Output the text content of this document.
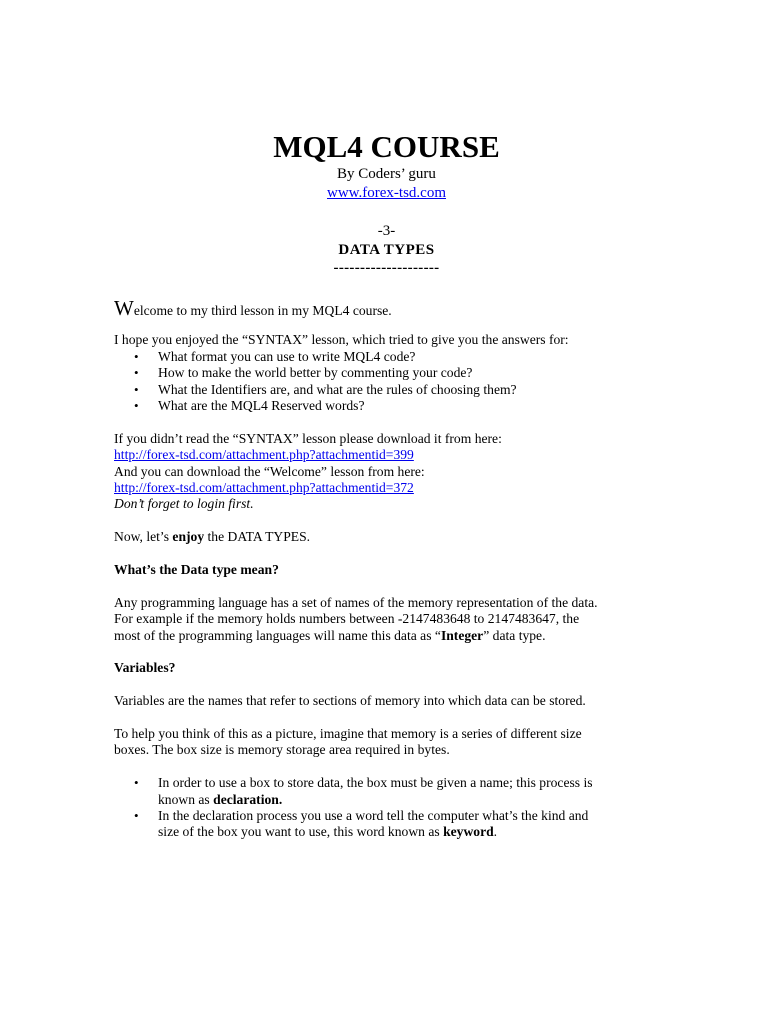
MQL4 COURSE
By Coders’ guru
www.forex-tsd.com
-3-
DATA TYPES
--------------------

Welcome to my third lesson in my MQL4 course.

I hope you enjoyed the “SYNTAX” lesson, which tried to give you the answers for:

• What format you can use to write MQL4 code?
• How to make the world better by commenting your code?
• What the Identifiers are, and what are the rules of choosing them?
• What are the MQL4 Reserved words?

If you didn’t read the “SYNTAX” lesson please download it from here:

http://forex-tsd.com/attachment.php?attachmentid=399

And you can download the “Welcome” lesson from here:

http://forex-tsd.com/attachment.php?attachmentid=372

Don’t forget to login first.

Now, let’s enjoy the DATA TYPES.

What’s the Data type mean?

Any programming language has a set of names of the memory representation of the data.

For example if the memory holds numbers between -2147483648 to 2147483647, the

most of the programming languages will name this data as “Integer” data type.

Variables?

Variables are the names that refer to sections of memory into which data can be stored.

To help you think of this as a picture, imagine that memory is a series of different size

boxes. The box size is memory storage area required in bytes.

• In order to use a box to store data, the box must be given a name; this process is
known as declaration.
• In the declaration process you use a word tell the computer what’s the kind and
size of the box you want to use, this word known as keyword.
